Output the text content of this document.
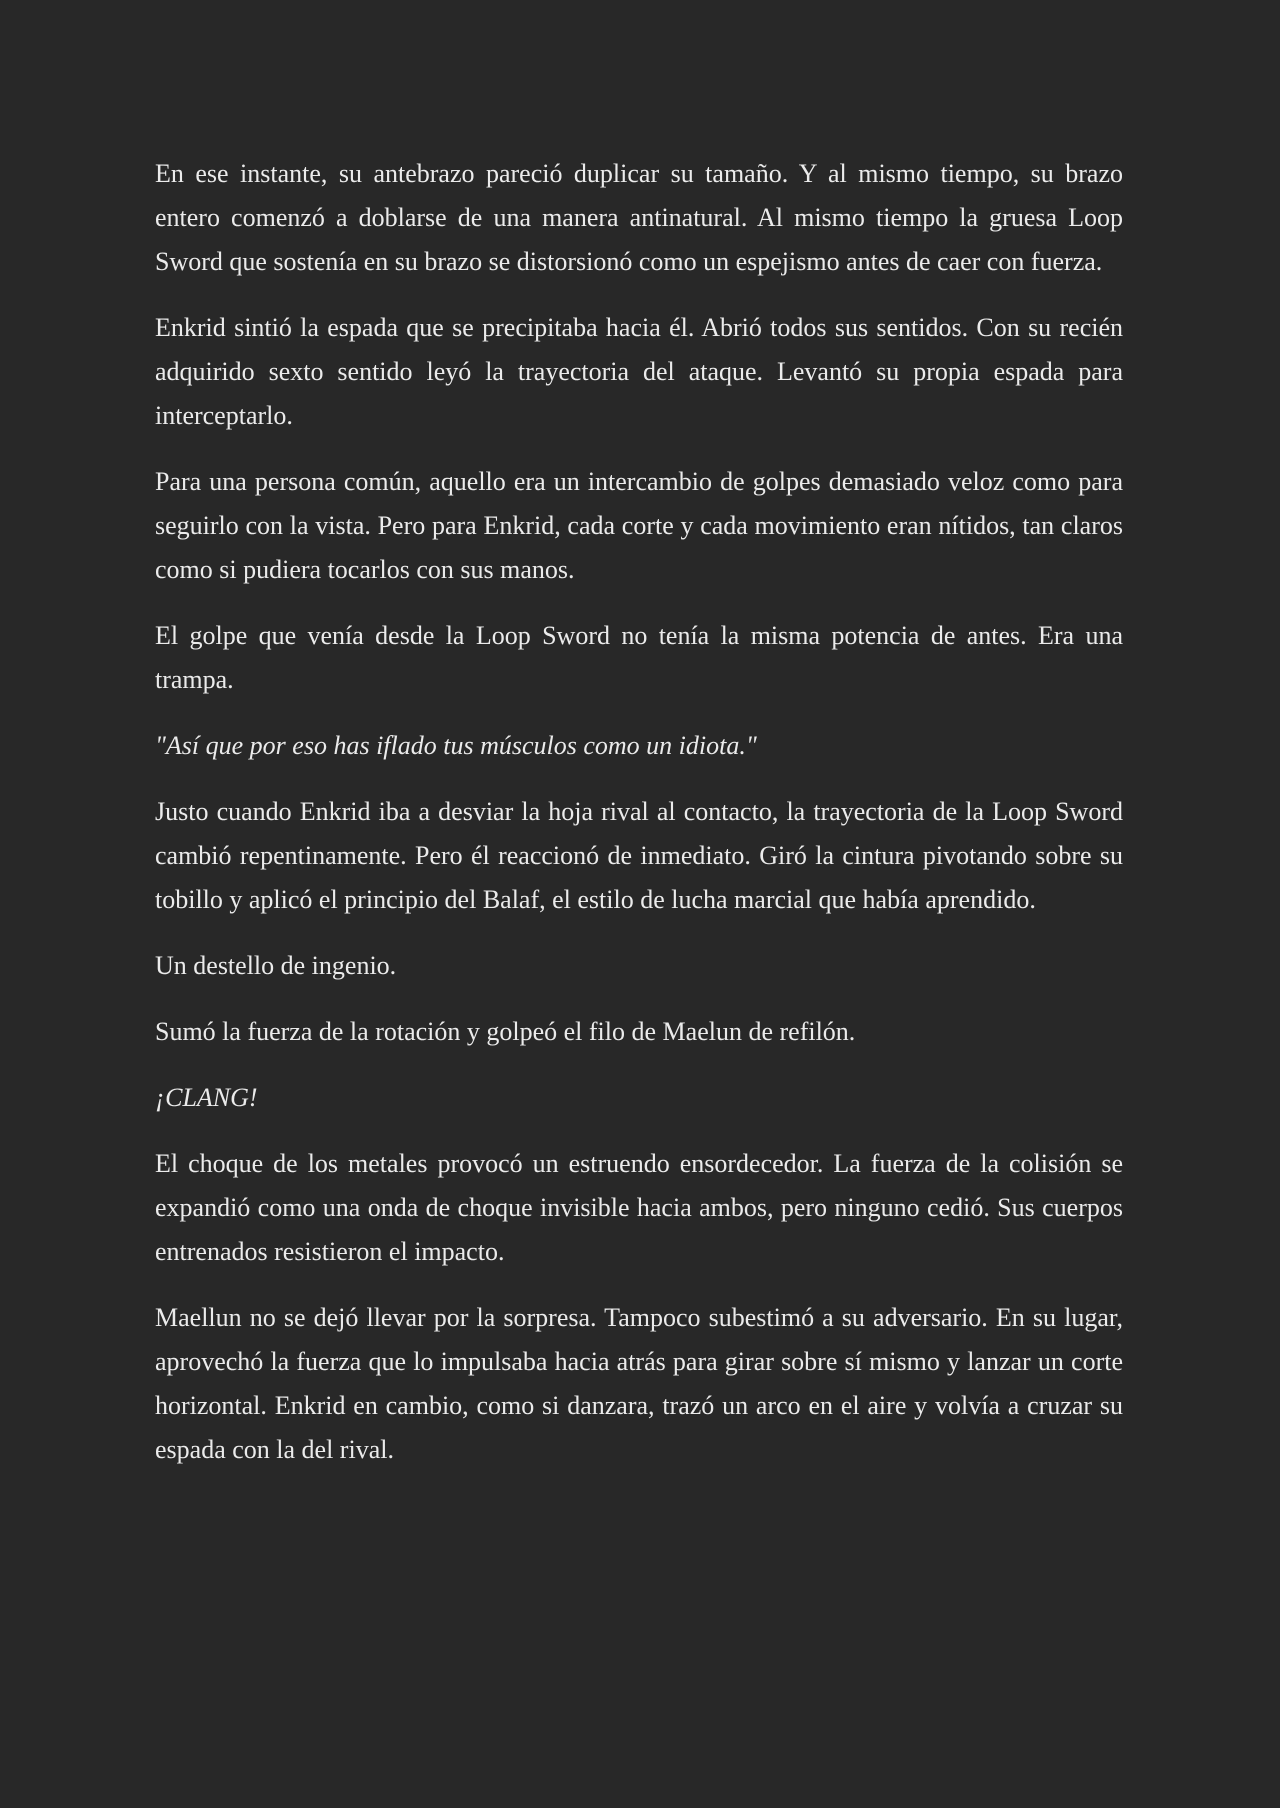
En ese instante, su antebrazo pareció duplicar su tamaño. Y al mismo tiempo, su brazo entero comenzó a doblarse de una manera antinatural. Al mismo tiempo la gruesa Loop Sword que sostenía en su brazo se distorsionó como un espejismo antes de caer con fuerza.

Enkrid sintió la espada que se precipitaba hacia él. Abrió todos sus sentidos. Con su recién adquirido sexto sentido leyó la trayectoria del ataque. Levantó su propia espada para interceptarlo.

Para una persona común, aquello era un intercambio de golpes demasiado veloz como para seguirlo con la vista. Pero para Enkrid, cada corte y cada movimiento eran nítidos, tan claros como si pudiera tocarlos con sus manos.

El golpe que venía desde la Loop Sword no tenía la misma potencia de antes. Era una trampa.

"Así que por eso has iflado tus músculos como un idiota."

Justo cuando Enkrid iba a desviar la hoja rival al contacto, la trayectoria de la Loop Sword cambió repentinamente. Pero él reaccionó de inmediato. Giró la cintura pivotando sobre su tobillo y aplicó el principio del Balaf, el estilo de lucha marcial que había aprendido.

Un destello de ingenio.

Sumó la fuerza de la rotación y golpeó el filo de Maelun de refilón.

¡CLANG!

El choque de los metales provocó un estruendo ensordecedor. La fuerza de la colisión se expandió como una onda de choque invisible hacia ambos, pero ninguno cedió. Sus cuerpos entrenados resistieron el impacto.

Maellun no se dejó llevar por la sorpresa. Tampoco subestimó a su adversario. En su lugar, aprovechó la fuerza que lo impulsaba hacia atrás para girar sobre sí mismo y lanzar un corte horizontal. Enkrid en cambio, como si danzara, trazó un arco en el aire y volvía a cruzar su espada con la del rival.
